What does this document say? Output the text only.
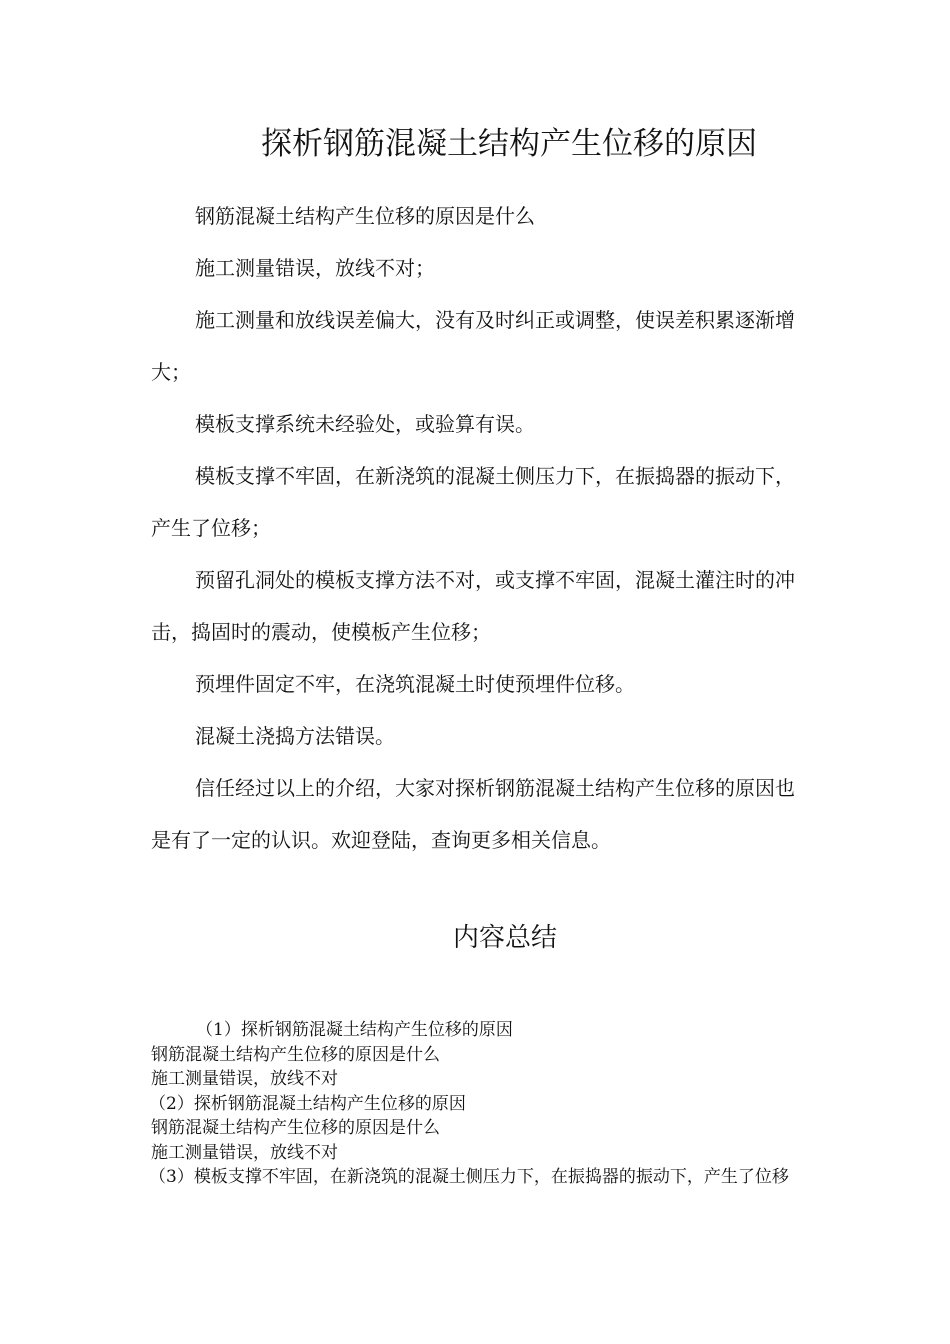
探析钢筋混凝土结构产生位移的原因

钢筋混凝土结构产生位移的原因是什么

施工测量错误，放线不对；

施工测量和放线误差偏大，没有及时纠正或调整，使误差积累逐渐增大；

模板支撑系统未经验处，或验算有误。

模板支撑不牢固，在新浇筑的混凝土侧压力下，在振捣器的振动下，产生了位移；

预留孔洞处的模板支撑方法不对，或支撑不牢固，混凝土灌注时的冲击，捣固时的震动，使模板产生位移；

预埋件固定不牢，在浇筑混凝土时使预埋件位移。

混凝土浇捣方法错误。

信任经过以上的介绍，大家对探析钢筋混凝土结构产生位移的原因也是有了一定的认识。欢迎登陆，查询更多相关信息。

内容总结
（1）探析钢筋混凝土结构产生位移的原因
钢筋混凝土结构产生位移的原因是什么
施工测量错误，放线不对
（2）探析钢筋混凝土结构产生位移的原因
钢筋混凝土结构产生位移的原因是什么
施工测量错误，放线不对
（3）模板支撑不牢固，在新浇筑的混凝土侧压力下，在振捣器的振动下，产生了位移
